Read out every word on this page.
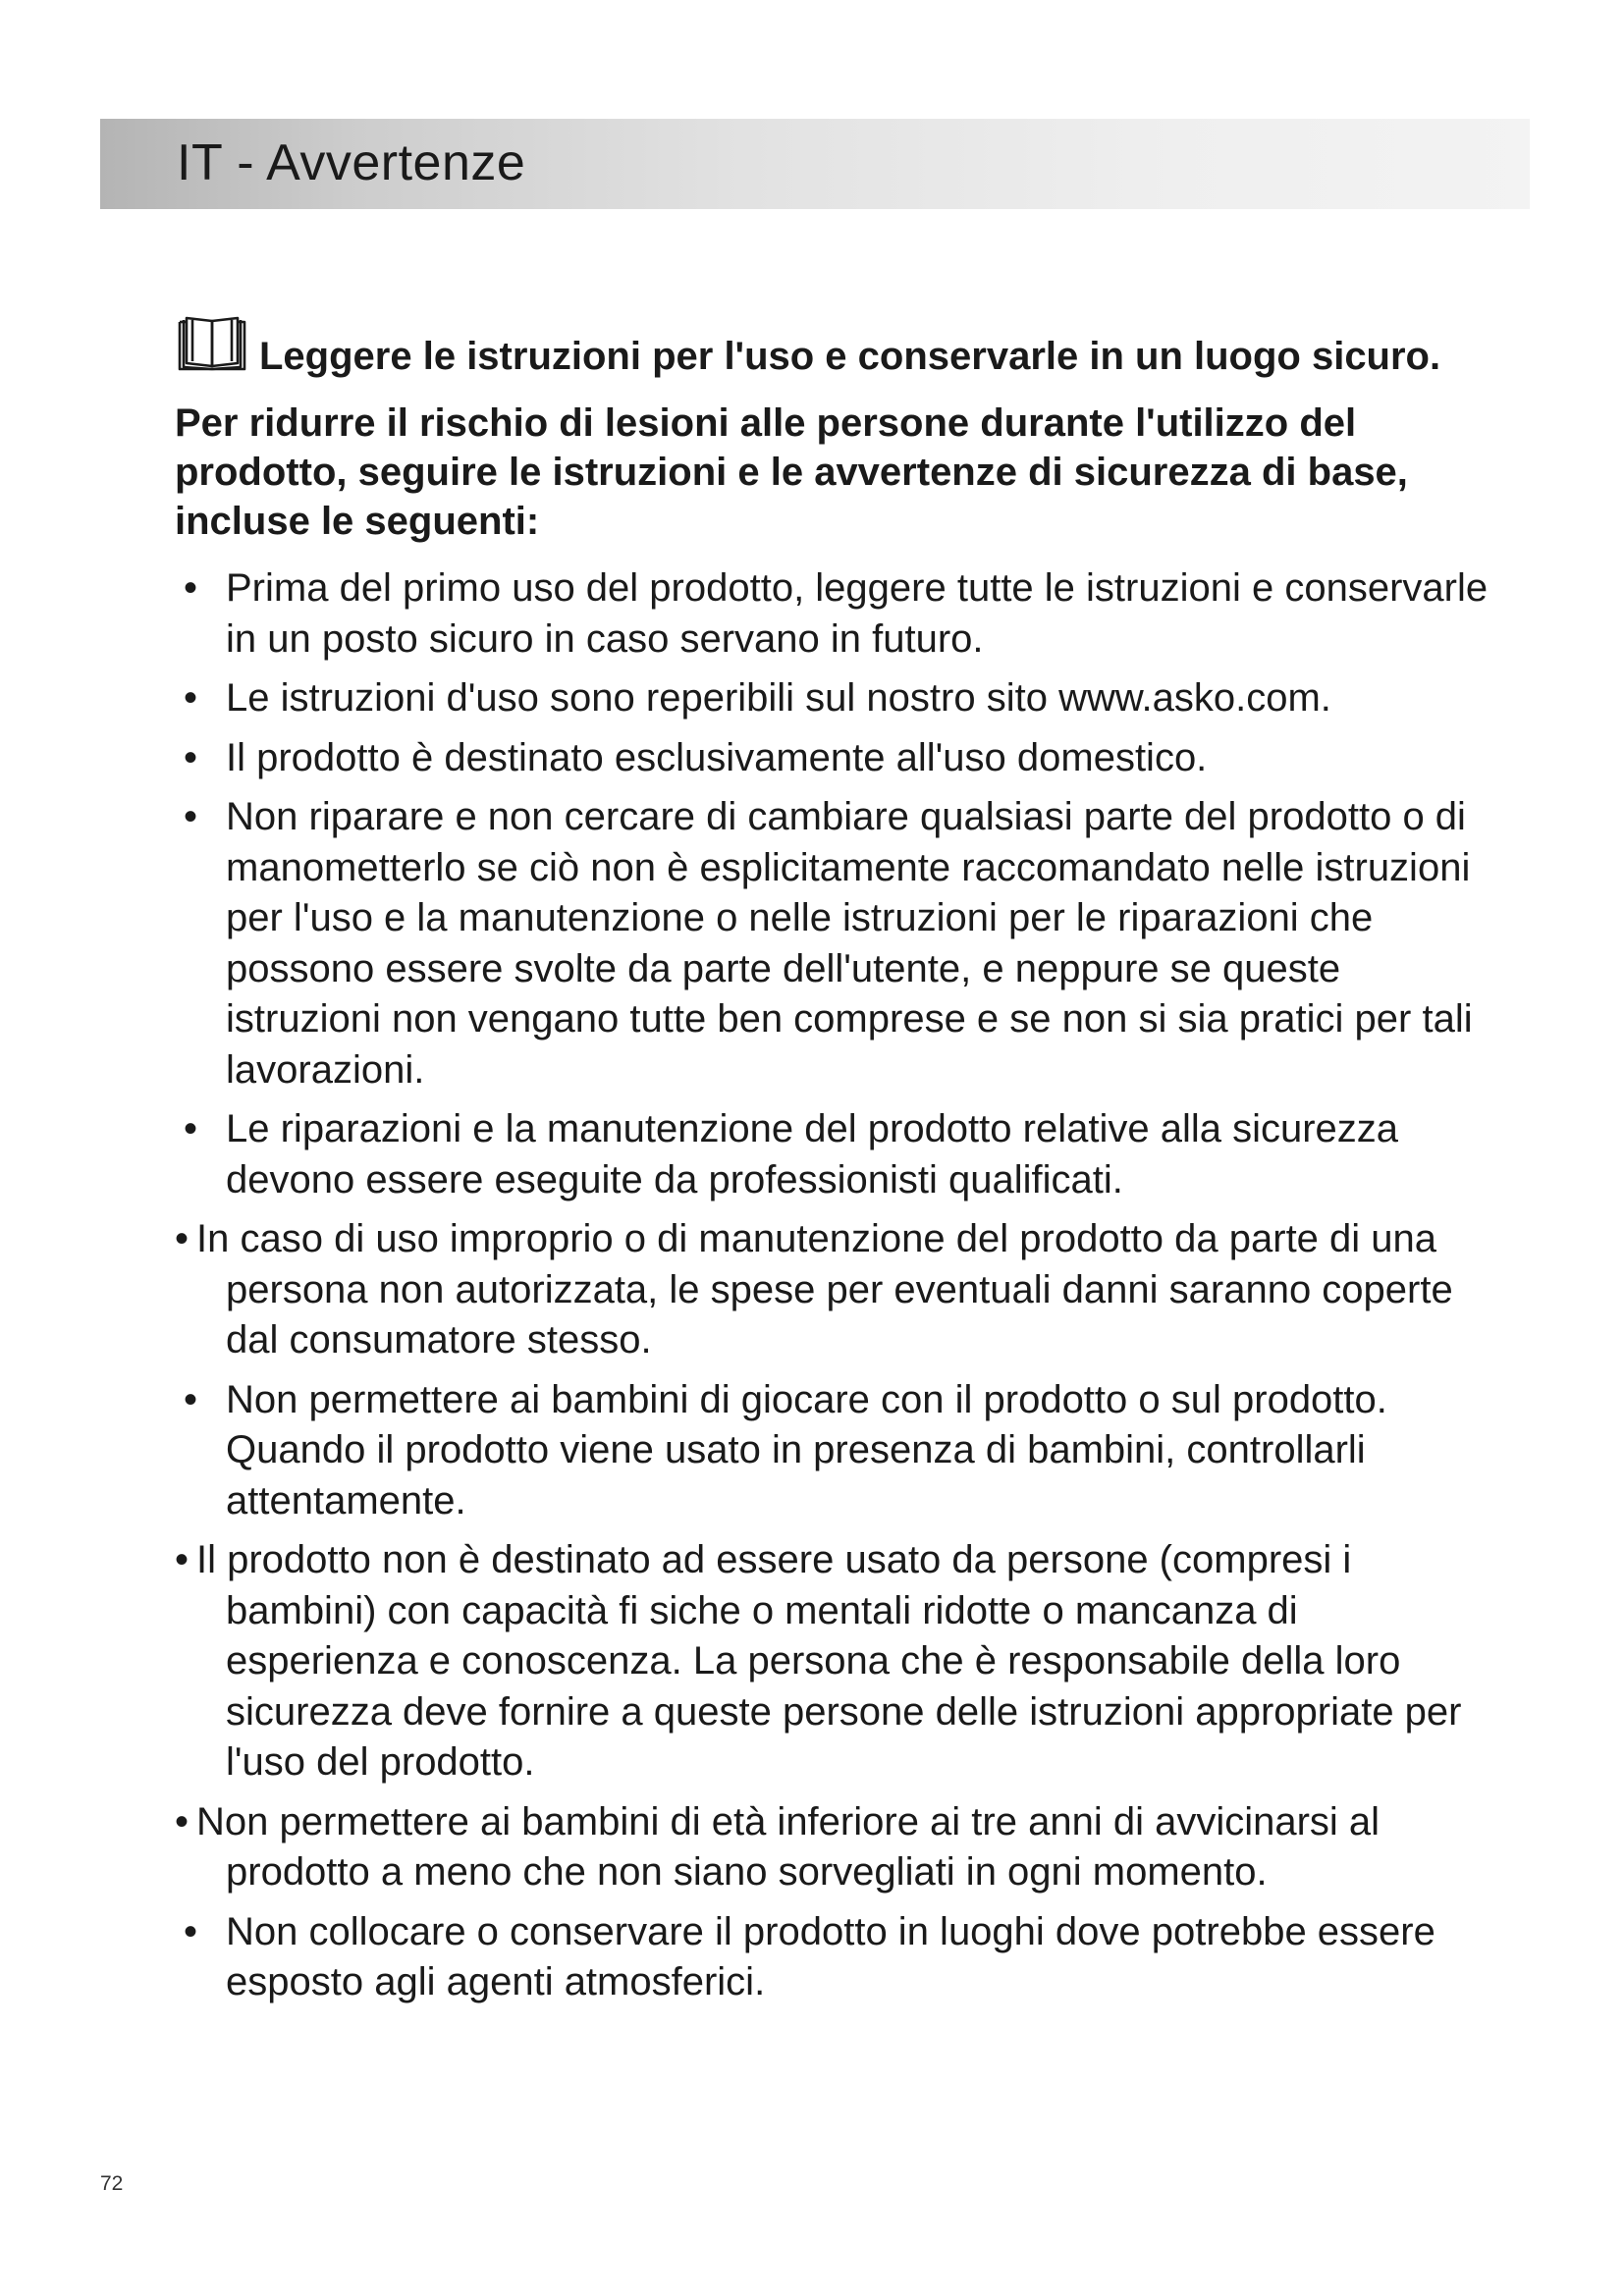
IT - Avvertenze

Leggere le istruzioni per l'uso e conservarle in un luogo sicuro.

Per ridurre il rischio di lesioni alle persone durante l'utilizzo del prodotto, seguire le istruzioni e le avvertenze di sicurezza di base, incluse le seguenti:

• Prima del primo uso del prodotto, leggere tutte le istruzioni e conservarle in un posto sicuro in caso servano in futuro.
• Le istruzioni d'uso sono reperibili sul nostro sito www.asko.com.
• Il prodotto è destinato esclusivamente all'uso domestico.
• Non riparare e non cercare di cambiare qualsiasi parte del prodotto o di manometterlo se ciò non è esplicitamente raccomandato nelle istruzioni per l'uso e la manutenzione o nelle istruzioni per le riparazioni che possono essere svolte da parte dell'utente, e neppure se queste istruzioni non vengano tutte ben comprese e se non si sia pratici per tali lavorazioni.
• Le riparazioni e la manutenzione del prodotto relative alla sicurezza devono essere eseguite da professionisti qualificati.
• In caso di uso improprio o di manutenzione del prodotto da parte di una persona non autorizzata, le spese per eventuali danni saranno coperte dal consumatore stesso.
• Non permettere ai bambini di giocare con il prodotto o sul prodotto. Quando il prodotto viene usato in presenza di bambini, controllarli attentamente.
• Il prodotto non è destinato ad essere usato da persone (compresi i bambini) con capacità fi siche o mentali ridotte o mancanza di esperienza e conoscenza. La persona che è responsabile della loro sicurezza deve fornire a queste persone delle istruzioni appropriate per l'uso del prodotto.
• Non permettere ai bambini di età inferiore ai tre anni di avvicinarsi al prodotto a meno che non siano sorvegliati in ogni momento.
• Non collocare o conservare il prodotto in luoghi dove potrebbe essere esposto agli agenti atmosferici.
72
